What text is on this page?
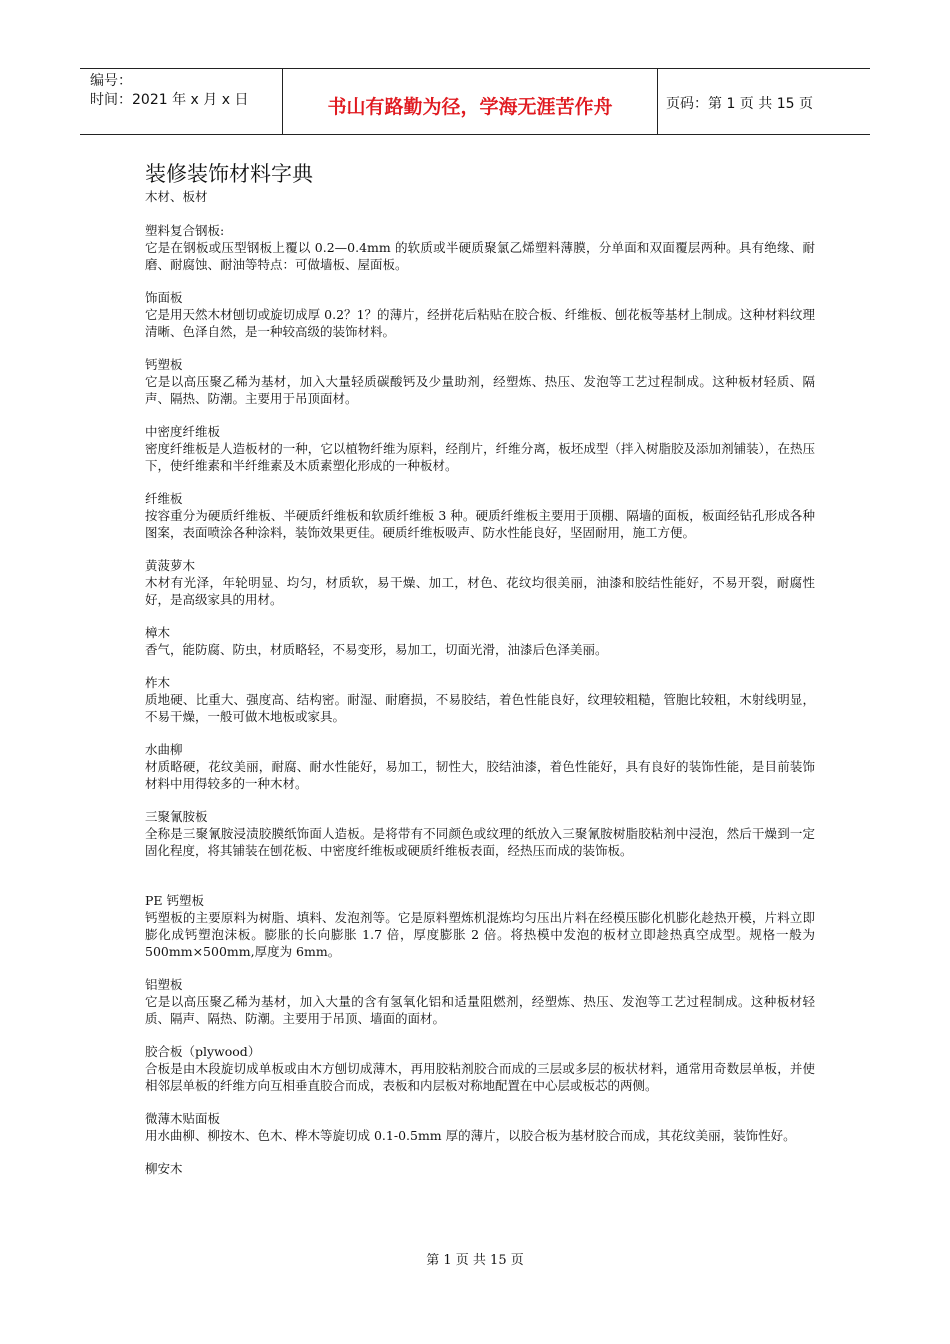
编号：
时间：2021 年 x 月 x 日	书山有路勤为径，学海无涯苦作舟	页码：第 1 页 共 15 页
装修装饰材料字典

木材、板材

塑料复合钢板:

它是在钢板或压型钢板上覆以 0.2—0.4mm 的软质或半硬质聚氯乙烯塑料薄膜，分单面和双面覆层两种。具有绝缘、耐磨、耐腐蚀、耐油等特点：可做墙板、屋面板。

饰面板

它是用天然木材刨切或旋切成厚 0.2？1？的薄片，经拼花后粘贴在胶合板、纤维板、刨花板等基材上制成。这种材料纹理清晰、色泽自然，是一种较高级的装饰材料。

钙塑板

它是以高压聚乙稀为基材，加入大量轻质碳酸钙及少量助剂，经塑炼、热压、发泡等工艺过程制成。这种板材轻质、隔声、隔热、防潮。主要用于吊顶面材。

中密度纤维板

密度纤维板是人造板材的一种，它以植物纤维为原料，经削片，纤维分离，板坯成型（拌入树脂胶及添加剂铺装），在热压下，使纤维素和半纤维素及木质素塑化形成的一种板材。

纤维板

按容重分为硬质纤维板、半硬质纤维板和软质纤维板 3 种。硬质纤维板主要用于顶棚、隔墙的面板，板面经钻孔形成各种图案，表面喷涂各种涂料，装饰效果更佳。硬质纤维板吸声、防水性能良好，坚固耐用，施工方便。

黄菠萝木

木材有光泽，年轮明显、均匀，材质软，易干燥、加工，材色、花纹均很美丽，油漆和胶结性能好，不易开裂，耐腐性好，是高级家具的用材。

樟木

香气，能防腐、防虫，材质略轻，不易变形，易加工，切面光滑，油漆后色泽美丽。

柞木

质地硬、比重大、强度高、结构密。耐湿、耐磨损，不易胶结，着色性能良好，纹理较粗糙，管胞比较粗，木射线明显，不易干燥，一般可做木地板或家具。

水曲柳

材质略硬，花纹美丽，耐腐、耐水性能好，易加工，韧性大，胶结油漆，着色性能好，具有良好的装饰性能，是目前装饰材料中用得较多的一种木材。

三聚氰胺板

全称是三聚氰胺浸渍胶膜纸饰面人造板。是将带有不同颜色或纹理的纸放入三聚氰胺树脂胶粘剂中浸泡，然后干燥到一定固化程度，将其铺装在刨花板、中密度纤维板或硬质纤维板表面，经热压而成的装饰板。

PE 钙塑板

钙塑板的主要原料为树脂、填料、发泡剂等。它是原料塑炼机混炼均匀压出片料在经模压膨化机膨化趁热开模，片料立即膨化成钙塑泡沫板。膨胀的长向膨胀 1.7 倍，厚度膨胀 2 倍。将热模中发泡的板材立即趁热真空成型。规格一般为 500mm×500mm,厚度为 6mm。

铝塑板

它是以高压聚乙稀为基材，加入大量的含有氢氧化铝和适量阻燃剂，经塑炼、热压、发泡等工艺过程制成。这种板材轻质、隔声、隔热、防潮。主要用于吊顶、墙面的面材。

胶合板（plywood）

合板是由木段旋切成单板或由木方刨切成薄木，再用胶粘剂胶合而成的三层或多层的板状材料，通常用奇数层单板，并使相邻层单板的纤维方向互相垂直胶合而成，表板和内层板对称地配置在中心层或板芯的两侧。

微薄木贴面板

用水曲柳、柳按木、色木、桦木等旋切成 0.1-0.5mm 厚的薄片，以胶合板为基材胶合而成，其花纹美丽，装饰性好。

柳安木

第 1 页 共 15 页
